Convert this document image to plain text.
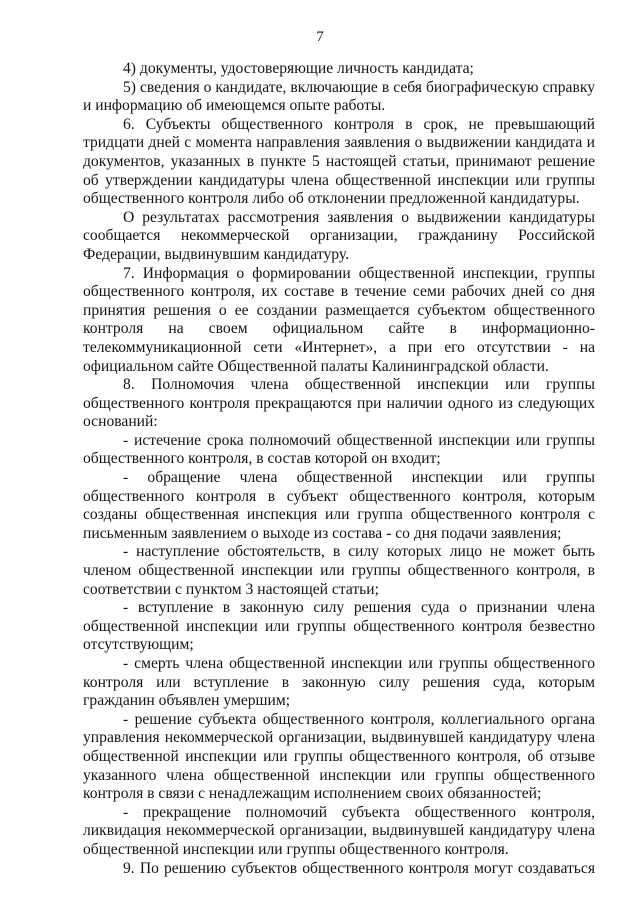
7

4) документы, удостоверяющие личность кандидата;

5) сведения о кандидате, включающие в себя биографическую справку и информацию об имеющемся опыте работы.

6. Субъекты общественного контроля в срок, не превышающий тридцати дней с момента направления заявления о выдвижении кандидата и документов, указанных в пункте 5 настоящей статьи, принимают решение об утверждении кандидатуры члена общественной инспекции или группы общественного контроля либо об отклонении предложенной кандидатуры.

О результатах рассмотрения заявления о выдвижении кандидатуры сообщается некоммерческой организации, гражданину Российской Федерации, выдвинувшим кандидатуру.

7. Информация о формировании общественной инспекции, группы общественного контроля, их составе в течение семи рабочих дней со дня принятия решения о ее создании размещается субъектом общественного контроля на своем официальном сайте в информационно-телекоммуникационной сети «Интернет», а при его отсутствии - на официальном сайте Общественной палаты Калининградской области.

8. Полномочия члена общественной инспекции или группы общественного контроля прекращаются при наличии одного из следующих оснований:

- истечение срока полномочий общественной инспекции или группы общественного контроля, в состав которой он входит;

- обращение члена общественной инспекции или группы общественного контроля в субъект общественного контроля, которым созданы общественная инспекция или группа общественного контроля с письменным заявлением о выходе из состава - со дня подачи заявления;

- наступление обстоятельств, в силу которых лицо не может быть членом общественной инспекции или группы общественного контроля, в соответствии с пунктом 3 настоящей статьи;

- вступление в законную силу решения суда о признании члена общественной инспекции или группы общественного контроля безвестно отсутствующим;

- смерть члена общественной инспекции или группы общественного контроля или вступление в законную силу решения суда, которым гражданин объявлен умершим;

- решение субъекта общественного контроля, коллегиального органа управления некоммерческой организации, выдвинувшей кандидатуру члена общественной инспекции или группы общественного контроля, об отзыве указанного члена общественной инспекции или группы общественного контроля в связи с ненадлежащим исполнением своих обязанностей;

- прекращение полномочий субъекта общественного контроля, ликвидация некоммерческой организации, выдвинувшей кандидатуру члена общественной инспекции или группы общественного контроля.

9. По решению субъектов общественного контроля могут создаваться
